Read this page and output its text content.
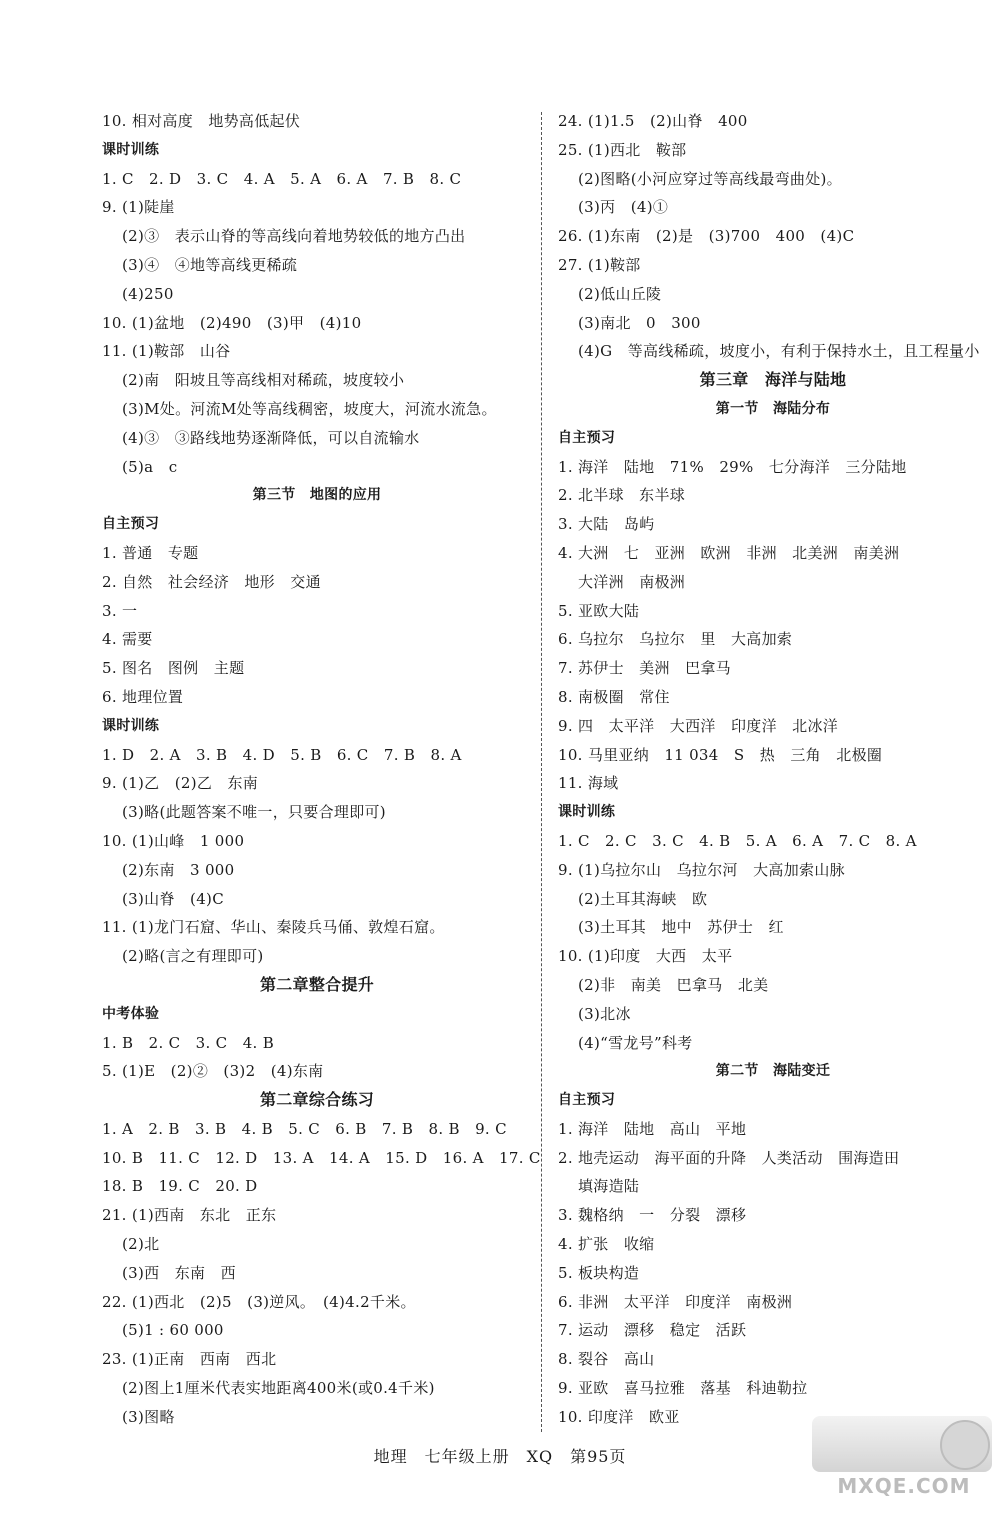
10. 相对高度　地势高低起伏
课时训练
1. C　2. D　3. C　4. A　5. A　6. A　7. B　8. C
9. (1)陡崖
(2)③　表示山脊的等高线向着地势较低的地方凸出
(3)④　④地等高线更稀疏
(4)250
10. (1)盆地　(2)490　(3)甲　(4)10
11. (1)鞍部　山谷
(2)南　阳坡且等高线相对稀疏，坡度较小
(3)M处。河流M处等高线稠密，坡度大，河流水流急。
(4)③　③路线地势逐渐降低，可以自流输水
(5)a　c
第三节　地图的应用
自主预习
1. 普通　专题
2. 自然　社会经济　地形　交通
3. 一
4. 需要
5. 图名　图例　主题
6. 地理位置
课时训练
1. D　2. A　3. B　4. D　5. B　6. C　7. B　8. A
9. (1)乙　(2)乙　东南
(3)略(此题答案不唯一，只要合理即可)
10. (1)山峰　1 000
(2)东南　3 000
(3)山脊　(4)C
11. (1)龙门石窟、华山、秦陵兵马俑、敦煌石窟。
(2)略(言之有理即可)
第二章整合提升
中考体验
1. B　2. C　3. C　4. B
5. (1)E　(2)②　(3)2　(4)东南
第二章综合练习
1. A　2. B　3. B　4. B　5. C　6. B　7. B　8. B　9. C
10. B　11. C　12. D　13. A　14. A　15. D　16. A　17. C
18. B　19. C　20. D
21. (1)西南　东北　正东
(2)北
(3)西　东南　西
22. (1)西北　(2)5　(3)逆风。　(4)4.2千米。
(5)1 : 60 000
23. (1)正南　西南　西北
(2)图上1厘米代表实地距离400米(或0.4千米)
(3)图略
24. (1)1.5　(2)山脊　400
25. (1)西北　鞍部
(2)图略(小河应穿过等高线最弯曲处)。
(3)丙　(4)①
26. (1)东南　(2)是　(3)700　400　(4)C
27. (1)鞍部
(2)低山丘陵
(3)南北　0　300
(4)G　等高线稀疏，坡度小，有利于保持水土，且工程量小
第三章　海洋与陆地
第一节　海陆分布
自主预习
1. 海洋　陆地　71%　29%　七分海洋　三分陆地
2. 北半球　东半球
3. 大陆　岛屿
4. 大洲　七　亚洲　欧洲　非洲　北美洲　南美洲
大洋洲　南极洲
5. 亚欧大陆
6. 乌拉尔　乌拉尔　里　大高加索
7. 苏伊士　美洲　巴拿马
8. 南极圈　常住
9. 四　太平洋　大西洋　印度洋　北冰洋
10. 马里亚纳　11 034　S　热　三角　北极圈
11. 海域
课时训练
1. C　2. C　3. C　4. B　5. A　6. A　7. C　8. A
9. (1)乌拉尔山　乌拉尔河　大高加索山脉
(2)土耳其海峡　欧
(3)土耳其　地中　苏伊士　红
10. (1)印度　大西　太平
(2)非　南美　巴拿马　北美
(3)北冰
(4)“雪龙号”科考
第二节　海陆变迁
自主预习
1. 海洋　陆地　高山　平地
2. 地壳运动　海平面的升降　人类活动　围海造田
填海造陆
3. 魏格纳　一　分裂　漂移
4. 扩张　收缩
5. 板块构造
6. 非洲　太平洋　印度洋　南极洲
7. 运动　漂移　稳定　活跃
8. 裂谷　高山
9. 亚欧　喜马拉雅　落基　科迪勒拉
10. 印度洋　欧亚
地理　七年级上册　XQ　第95页
MXQE.COM
